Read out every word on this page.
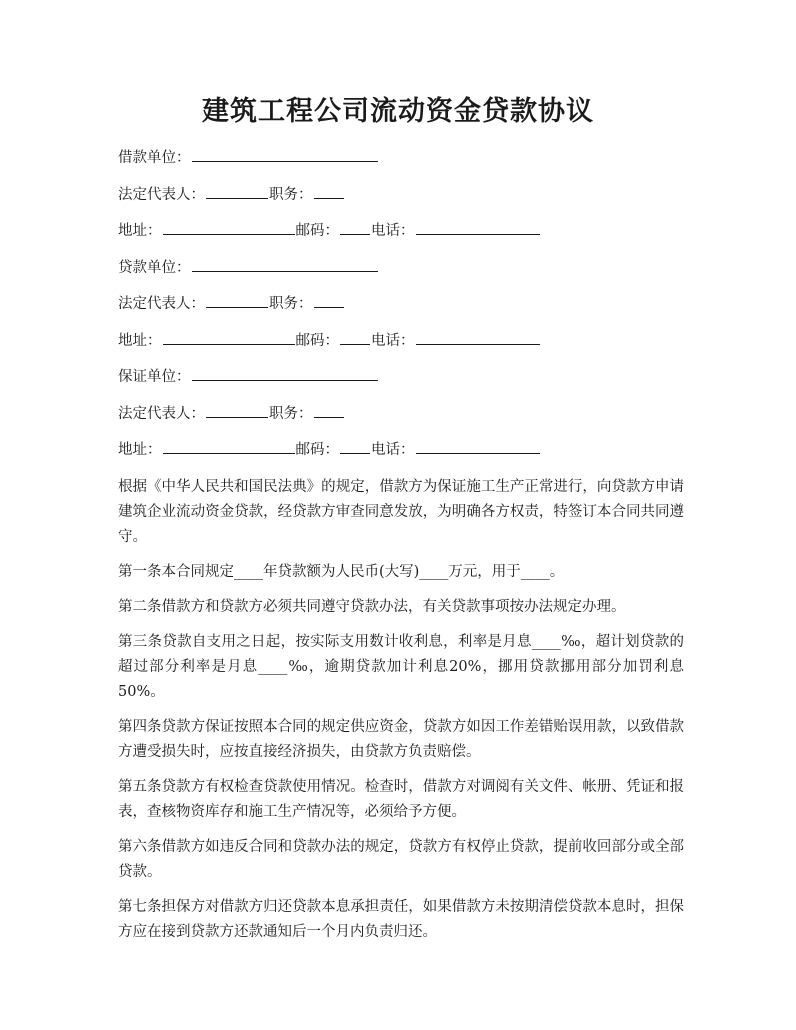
建筑工程公司流动资金贷款协议
借款单位：
法定代表人：	职务：
地址：	邮码： 电话：
贷款单位：
法定代表人：	职务：
地址：	邮码： 电话：
保证单位：
法定代表人：	职务：
地址：	邮码： 电话：

根据《中华人民共和国民法典》的规定，借款方为保证施工生产正常进行，向贷款方申请建筑企业流动资金贷款，经贷款方审查同意发放，为明确各方权责，特签订本合同共同遵守。

第一条本合同规定____年贷款额为人民币(大写)____万元，用于____。

第二条借款方和贷款方必须共同遵守贷款办法，有关贷款事项按办法规定办理。

第三条贷款自支用之日起，按实际支用数计收利息，利率是月息____‰，超计划贷款的超过部分利率是月息____‰，逾期贷款加计利息20%，挪用贷款挪用部分加罚利息50%。

第四条贷款方保证按照本合同的规定供应资金，贷款方如因工作差错贻误用款，以致借款方遭受损失时，应按直接经济损失，由贷款方负责赔偿。

第五条贷款方有权检查贷款使用情况。检查时，借款方对调阅有关文件、帐册、凭证和报表，查核物资库存和施工生产情况等，必须给予方便。

第六条借款方如违反合同和贷款办法的规定，贷款方有权停止贷款，提前收回部分或全部贷款。

第七条担保方对借款方归还贷款本息承担责任，如果借款方未按期清偿贷款本息时，担保方应在接到贷款方还款通知后一个月内负责归还。
